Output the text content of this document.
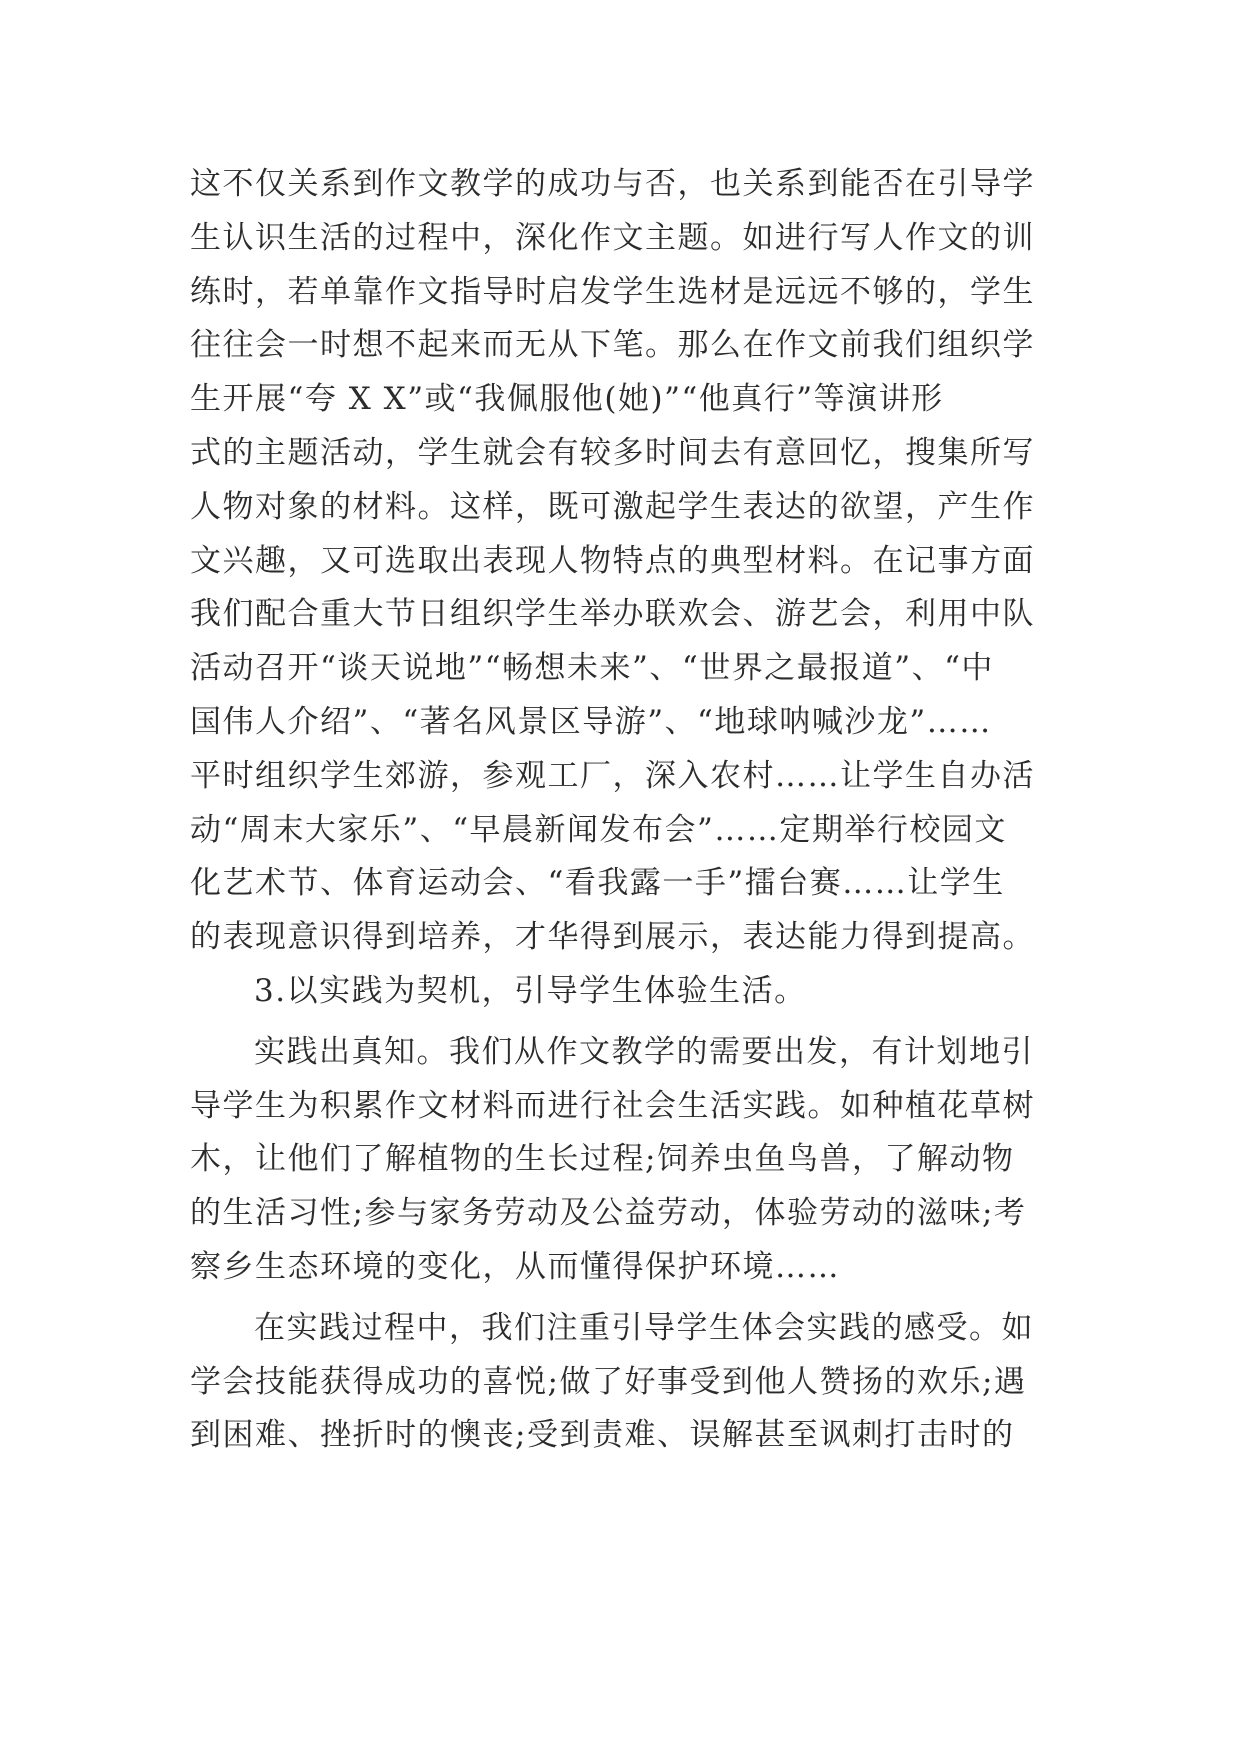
这不仅关系到作文教学的成功与否，也关系到能否在引导学
生认识生活的过程中，深化作文主题。如进行写人作文的训
练时，若单靠作文指导时启发学生选材是远远不够的，学生
往往会一时想不起来而无从下笔。那么在作文前我们组织学
生开展“夸 X X”或“我佩服他(她)”“他真行”等演讲形
式的主题活动，学生就会有较多时间去有意回忆，搜集所写
人物对象的材料。这样，既可激起学生表达的欲望，产生作
文兴趣，又可选取出表现人物特点的典型材料。在记事方面
我们配合重大节日组织学生举办联欢会、游艺会，利用中队
活动召开“谈天说地”“畅想未来”、“世界之最报道”、“中
国伟人介绍”、“著名风景区导游”、“地球呐喊沙龙”……
平时组织学生郊游，参观工厂，深入农村……让学生自办活
动“周末大家乐”、“早晨新闻发布会”……定期举行校园文
化艺术节、体育运动会、“看我露一手”擂台赛……让学生
的表现意识得到培养，才华得到展示，表达能力得到提高。
3.以实践为契机，引导学生体验生活。
实践出真知。我们从作文教学的需要出发，有计划地引
导学生为积累作文材料而进行社会生活实践。如种植花草树
木，让他们了解植物的生长过程;饲养虫鱼鸟兽，了解动物
的生活习性;参与家务劳动及公益劳动，体验劳动的滋味;考
察乡生态环境的变化，从而懂得保护环境……
在实践过程中，我们注重引导学生体会实践的感受。如
学会技能获得成功的喜悦;做了好事受到他人赞扬的欢乐;遇
到困难、挫折时的懊丧;受到责难、误解甚至讽刺打击时的
